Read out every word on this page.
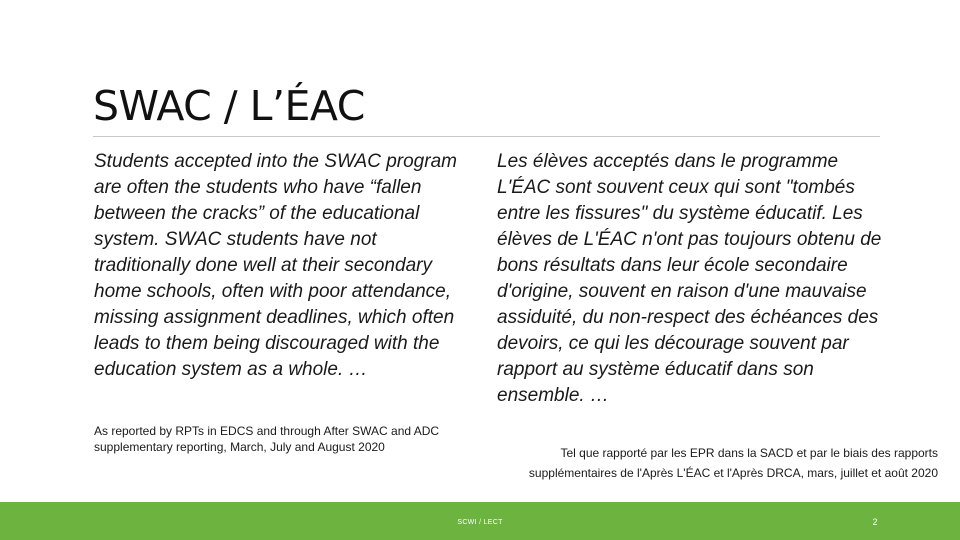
SWAC / L’ÉAC

Students accepted into the SWAC program are often the students who have “fallen between the cracks” of the educational system. SWAC students have not traditionally done well at their secondary home schools, often with poor attendance, missing assignment deadlines, which often leads to them being discouraged with the education system as a whole. …

As reported by RPTs in EDCS and through After SWAC and ADC supplementary reporting, March, July and August 2020

Les élèves acceptés dans le programme L'ÉAC sont souvent ceux qui sont "tombés entre les fissures" du système éducatif. Les élèves de L'ÉAC n'ont pas toujours obtenu de bons résultats dans leur école secondaire d'origine, souvent en raison d'une mauvaise assiduité, du non-respect des échéances des devoirs, ce qui les décourage souvent par rapport au système éducatif dans son ensemble. …

Tel que rapporté par les EPR dans la SACD et par le biais des rapports supplémentaires de l'Après L'ÉAC et l'Après DRCA, mars, juillet et août 2020

SCWI / LECT	2
